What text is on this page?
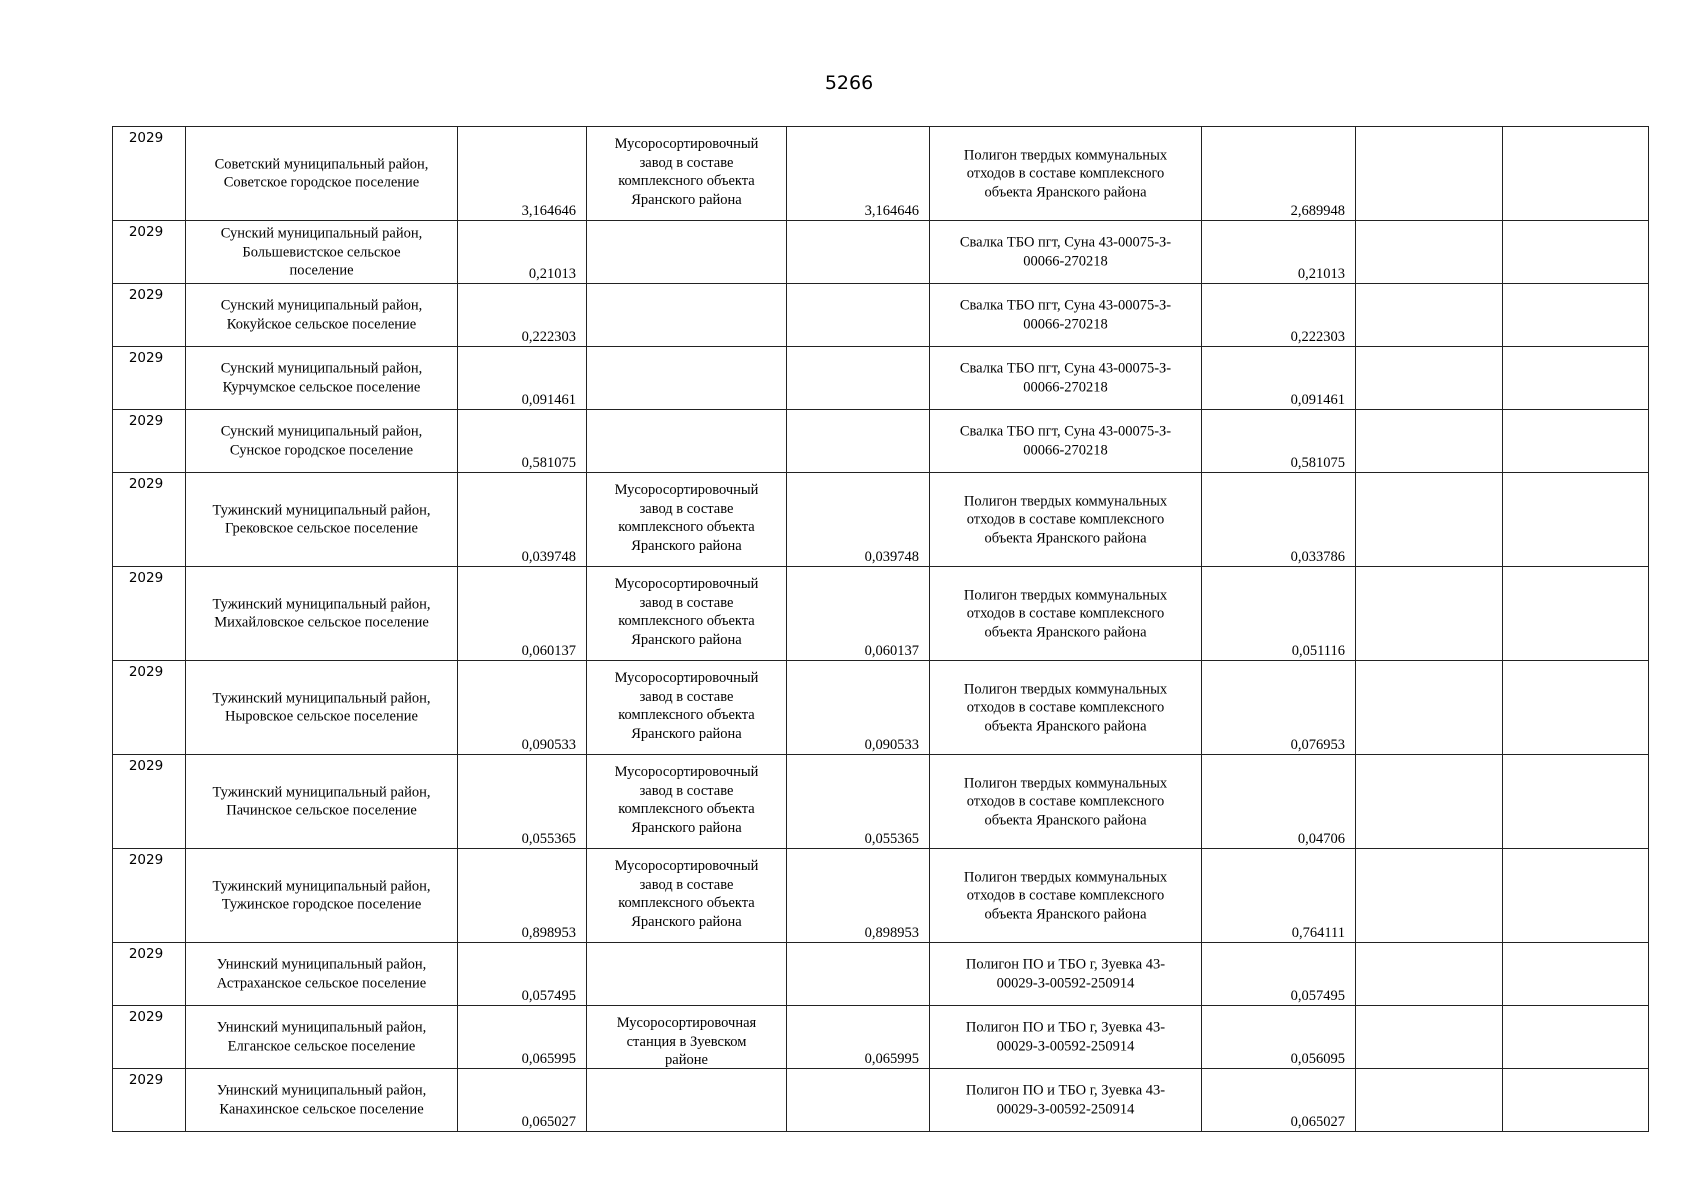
5266
2029	Советский муниципальный район,
Советское городское поселение	3,164646	Мусоросортировочный
завод в составе
комплексного объекта
Яранского района	3,164646	Полигон твердых коммунальных
отходов в составе комплексного
объекта Яранского района	2,689948		

2029	Сунский муниципальный район,
Большевистское сельское
поселение	0,21013			Свалка ТБО пгт, Суна 43-00075-З-
00066-270218	0,21013		

2029	Сунский муниципальный район,
Кокуйское сельское поселение	0,222303			Свалка ТБО пгт, Суна 43-00075-З-
00066-270218	0,222303		

2029	Сунский муниципальный район,
Курчумское сельское поселение	0,091461			Свалка ТБО пгт, Суна 43-00075-З-
00066-270218	0,091461		

2029	Сунский муниципальный район,
Сунское городское поселение	0,581075			Свалка ТБО пгт, Суна 43-00075-З-
00066-270218	0,581075		

2029	Тужинский муниципальный район,
Грековское сельское поселение	0,039748	Мусоросортировочный
завод в составе
комплексного объекта
Яранского района	0,039748	Полигон твердых коммунальных
отходов в составе комплексного
объекта Яранского района	0,033786		

2029	Тужинский муниципальный район,
Михайловское сельское поселение	0,060137	Мусоросортировочный
завод в составе
комплексного объекта
Яранского района	0,060137	Полигон твердых коммунальных
отходов в составе комплексного
объекта Яранского района	0,051116		

2029	Тужинский муниципальный район,
Ныровское сельское поселение	0,090533	Мусоросортировочный
завод в составе
комплексного объекта
Яранского района	0,090533	Полигон твердых коммунальных
отходов в составе комплексного
объекта Яранского района	0,076953		

2029	Тужинский муниципальный район,
Пачинское сельское поселение	0,055365	Мусоросортировочный
завод в составе
комплексного объекта
Яранского района	0,055365	Полигон твердых коммунальных
отходов в составе комплексного
объекта Яранского района	0,04706		

2029	Тужинский муниципальный район,
Тужинское городское поселение	0,898953	Мусоросортировочный
завод в составе
комплексного объекта
Яранского района	0,898953	Полигон твердых коммунальных
отходов в составе комплексного
объекта Яранского района	0,764111		

2029	Унинский муниципальный район,
Астраханское сельское поселение	0,057495			Полигон ПО и ТБО г, Зуевка 43-
00029-З-00592-250914	0,057495		

2029	Унинский муниципальный район,
Елганское сельское поселение	0,065995	Мусоросортировочная
станция в Зуевском
районе	0,065995	Полигон ПО и ТБО г, Зуевка 43-
00029-З-00592-250914	0,056095		

2029	Унинский муниципальный район,
Канахинское сельское поселение	0,065027			Полигон ПО и ТБО г, Зуевка 43-
00029-З-00592-250914	0,065027		
